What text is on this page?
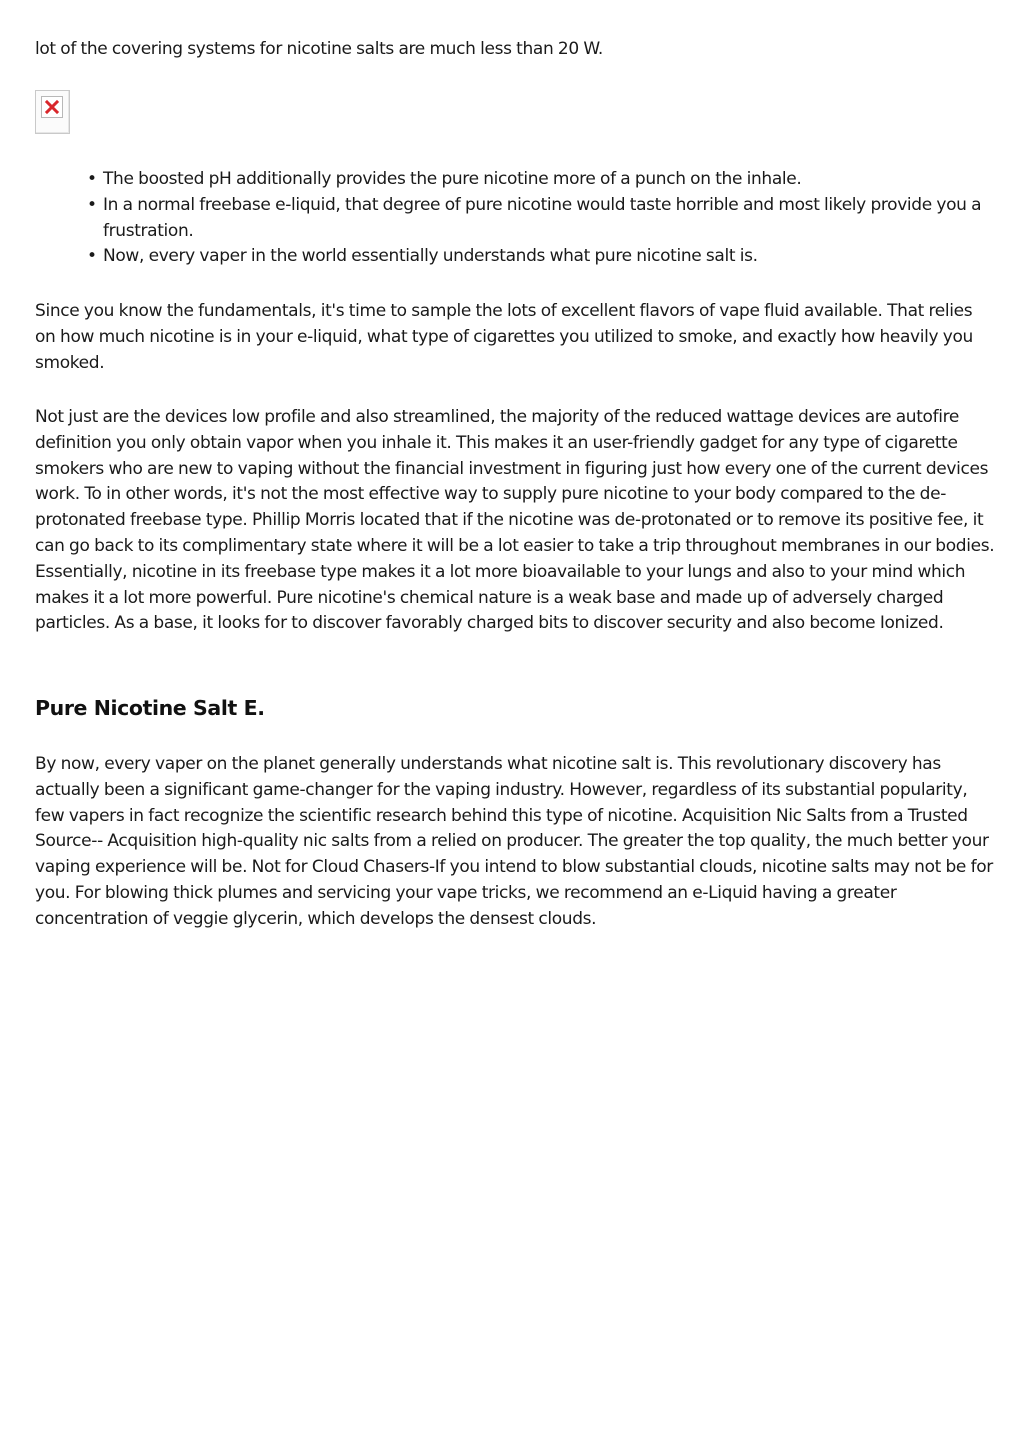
lot of the covering systems for nicotine salts are much less than 20 W.

• The boosted pH additionally provides the pure nicotine more of a punch on the inhale.
• In a normal freebase e-liquid, that degree of pure nicotine would taste horrible and most likely provide you a frustration.
• Now, every vaper in the world essentially understands what pure nicotine salt is.

Since you know the fundamentals, it's time to sample the lots of excellent flavors of vape fluid available. That relies on how much nicotine is in your e-liquid, what type of cigarettes you utilized to smoke, and exactly how heavily you smoked.

Not just are the devices low profile and also streamlined, the majority of the reduced wattage devices are autofire definition you only obtain vapor when you inhale it. This makes it an user-friendly gadget for any type of cigarette smokers who are new to vaping without the financial investment in figuring just how every one of the current devices work. To in other words, it's not the most effective way to supply pure nicotine to your body compared to the de-protonated freebase type. Phillip Morris located that if the nicotine was de-protonated or to remove its positive fee, it can go back to its complimentary state where it will be a lot easier to take a trip throughout membranes in our bodies. Essentially, nicotine in its freebase type makes it a lot more bioavailable to your lungs and also to your mind which makes it a lot more powerful. Pure nicotine's chemical nature is a weak base and made up of adversely charged particles. As a base, it looks for to discover favorably charged bits to discover security and also become Ionized.

Pure Nicotine Salt E.

By now, every vaper on the planet generally understands what nicotine salt is. This revolutionary discovery has actually been a significant game-changer for the vaping industry. However, regardless of its substantial popularity, few vapers in fact recognize the scientific research behind this type of nicotine. Acquisition Nic Salts from a Trusted Source-- Acquisition high-quality nic salts from a relied on producer. The greater the top quality, the much better your vaping experience will be. Not for Cloud Chasers-If you intend to blow substantial clouds, nicotine salts may not be for you. For blowing thick plumes and servicing your vape tricks, we recommend an e-Liquid having a greater concentration of veggie glycerin, which develops the densest clouds.
